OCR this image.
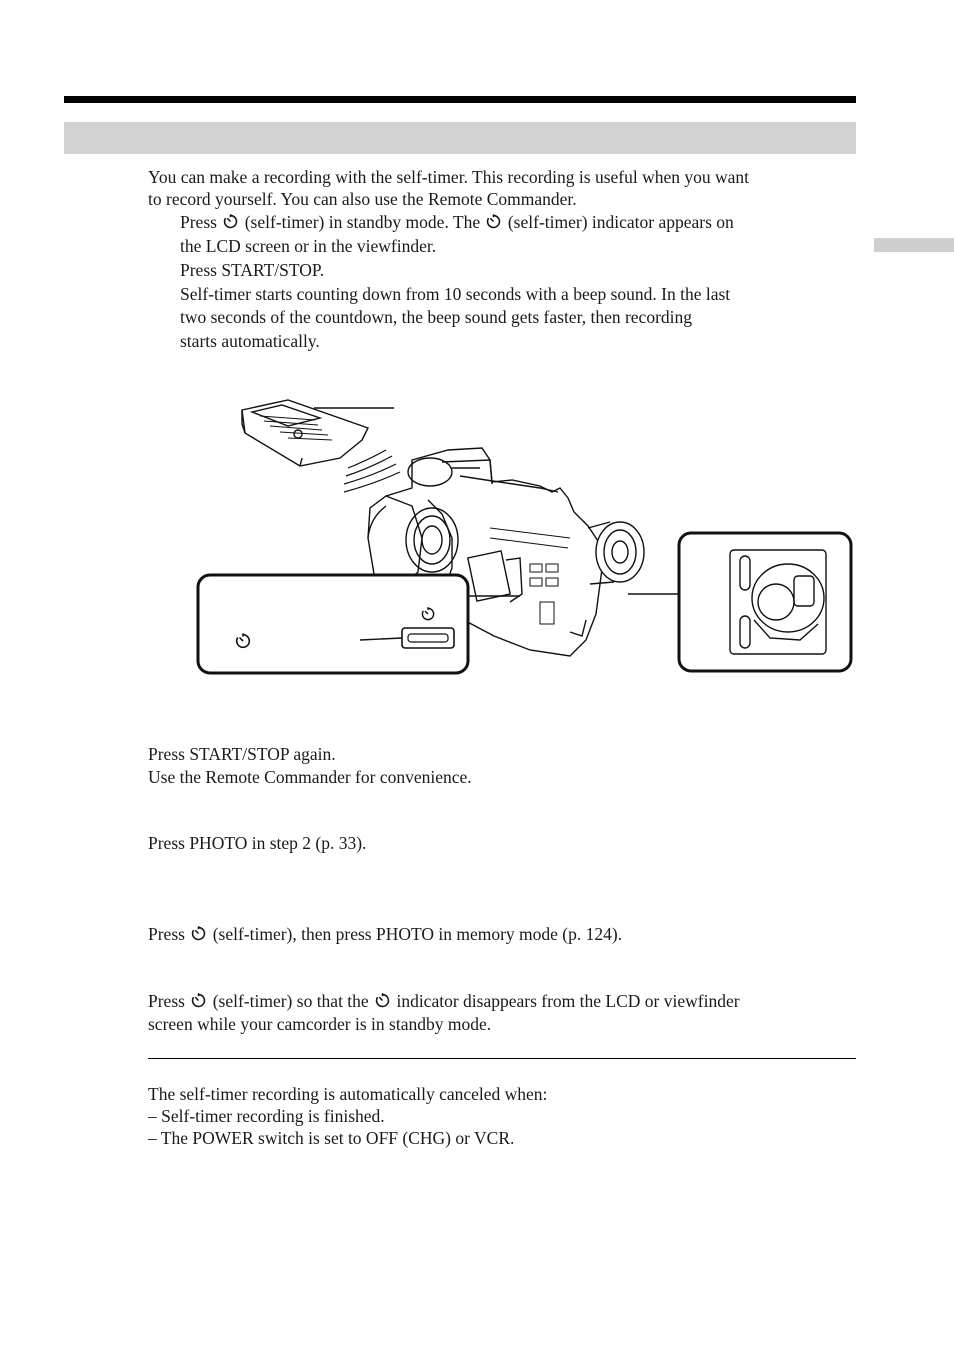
You can make a recording with the self-timer. This recording is useful when you want
to record yourself. You can also use the Remote Commander.
Press (self-timer) in standby mode. The (self-timer) indicator appears on
the LCD screen or in the viewfinder.
Press START/STOP.
Self-timer starts counting down from 10 seconds with a beep sound. In the last
two seconds of the countdown, the beep sound gets faster, then recording
starts automatically.
Press START/STOP again.
Use the Remote Commander for convenience.
Press PHOTO in step 2 (p. 33).
Press (self-timer), then press PHOTO in memory mode (p. 124).
Press (self-timer) so that the indicator disappears from the LCD or viewfinder
screen while your camcorder is in standby mode.
The self-timer recording is automatically canceled when:
– Self-timer recording is finished.
– The POWER switch is set to OFF (CHG) or VCR.
